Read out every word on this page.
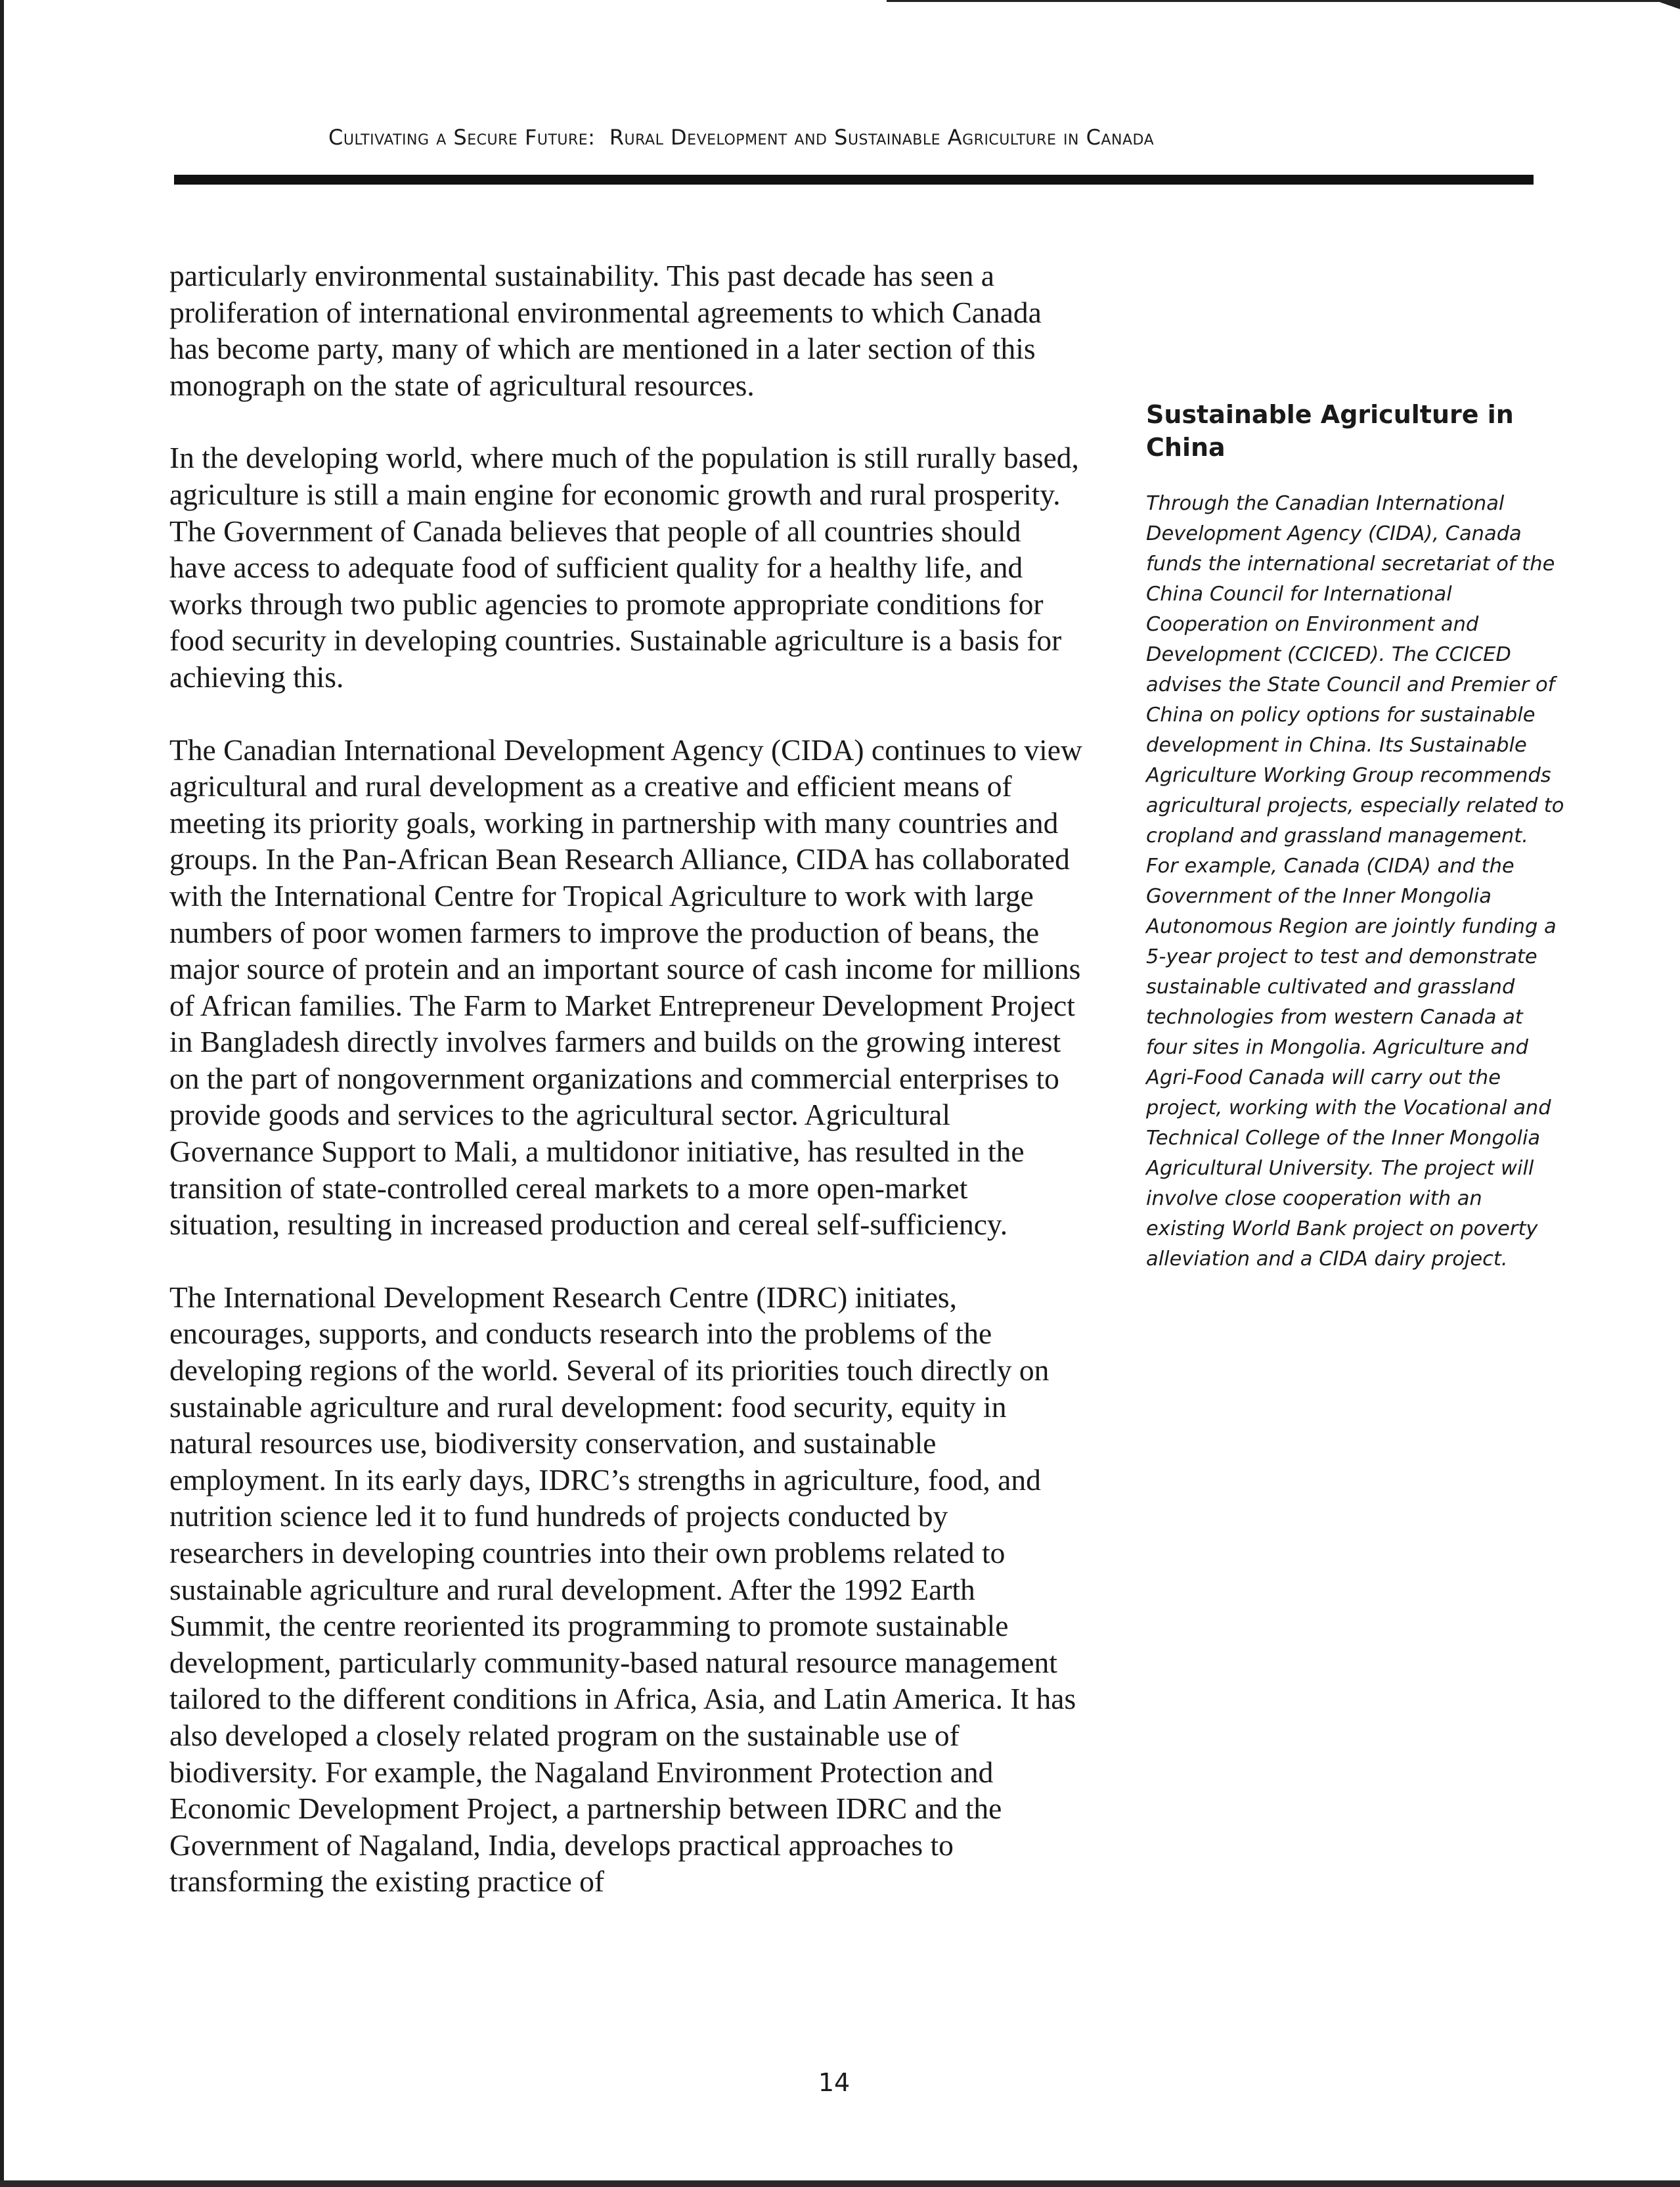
Cultivating a Secure Future: Rural Development and Sustainable Agriculture in Canada

particularly environmental sustainability. This past decade has seen a proliferation of international environmental agreements to which Canada has become party, many of which are mentioned in a later section of this monograph on the state of agricultural resources.

In the developing world, where much of the population is still rurally based, agriculture is still a main engine for economic growth and rural prosperity. The Government of Canada believes that people of all countries should have access to adequate food of sufficient quality for a healthy life, and works through two public agencies to promote appropriate conditions for food security in developing countries. Sustainable agriculture is a basis for achieving this.

The Canadian International Development Agency (CIDA) continues to view agricultural and rural development as a creative and efficient means of meeting its priority goals, working in partnership with many countries and groups. In the Pan-African Bean Research Alliance, CIDA has collaborated with the International Centre for Tropical Agriculture to work with large numbers of poor women farmers to improve the production of beans, the major source of protein and an important source of cash income for millions of African families. The Farm to Market Entrepreneur Development Project in Bangladesh directly involves farmers and builds on the growing interest on the part of nongovernment organizations and commercial enterprises to provide goods and services to the agricultural sector. Agricultural Governance Support to Mali, a multidonor initiative, has resulted in the transition of state-controlled cereal markets to a more open-market situation, resulting in increased production and cereal self-sufficiency.

The International Development Research Centre (IDRC) initiates, encourages, supports, and conducts research into the problems of the developing regions of the world. Several of its priorities touch directly on sustainable agriculture and rural development: food security, equity in natural resources use, biodiversity conservation, and sustainable employment. In its early days, IDRC’s strengths in agriculture, food, and nutrition science led it to fund hundreds of projects conducted by researchers in developing countries into their own problems related to sustainable agriculture and rural development. After the 1992 Earth Summit, the centre reoriented its programming to promote sustainable development, particularly community-based natural resource management tailored to the different conditions in Africa, Asia, and Latin America. It has also developed a closely related program on the sustainable use of biodiversity. For example, the Nagaland Environment Protection and Economic Development Project, a partnership between IDRC and the Government of Nagaland, India, develops practical approaches to transforming the existing practice of

Sustainable Agriculture in China

Through the Canadian International Development Agency (CIDA), Canada funds the international secretariat of the China Council for International Cooperation on Environment and Development (CCICED). The CCICED advises the State Council and Premier of China on policy options for sustainable development in China. Its Sustainable Agriculture Working Group recommends agricultural projects, especially related to cropland and grassland management. For example, Canada (CIDA) and the Government of the Inner Mongolia Autonomous Region are jointly funding a 5-year project to test and demonstrate sustainable cultivated and grassland technologies from western Canada at four sites in Mongolia. Agriculture and Agri-Food Canada will carry out the project, working with the Vocational and Technical College of the Inner Mongolia Agricultural University. The project will involve close cooperation with an existing World Bank project on poverty alleviation and a CIDA dairy project.

14
